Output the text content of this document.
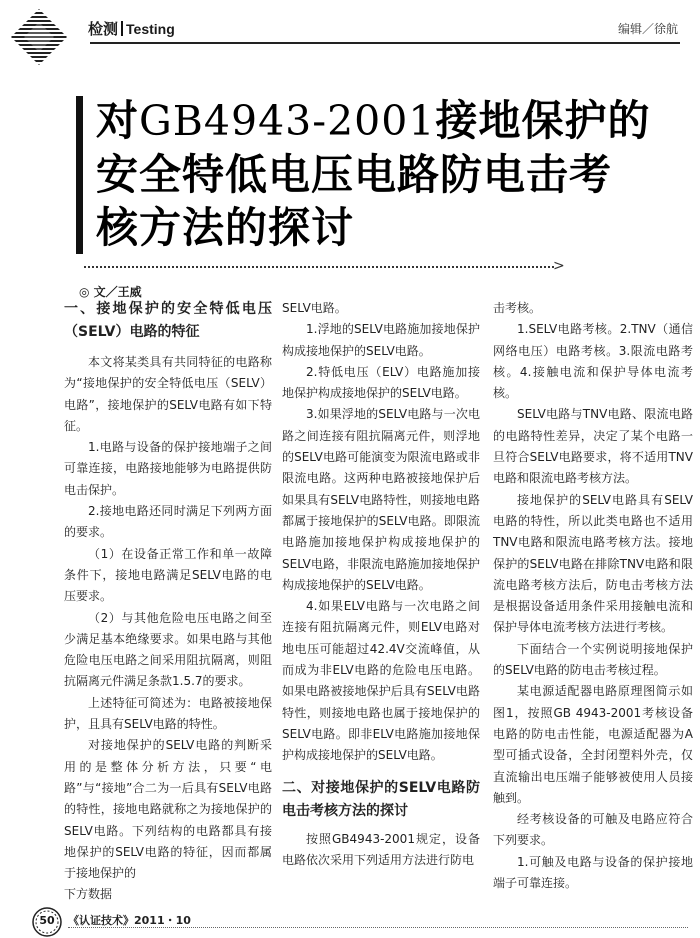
检测 Testing	编辑／徐航
对GB4943-2001接地保护的
安全特低电压电路防电击考
核方法的探讨
>
◎ 文／王威

一、接地保护的安全特低电压（SELV）电路的特征

本文将某类具有共同特征的电路称为“接地保护的安全特低电压（SELV）电路”，接地保护的SELV电路有如下特征。

1.电路与设备的保护接地端子之间可靠连接，电路接地能够为电路提供防电击保护。

2.接地电路还同时满足下列两方面的要求。

（1）在设备正常工作和单一故障条件下，接地电路满足SELV电路的电压要求。

（2）与其他危险电压电路之间至少满足基本绝缘要求。如果电路与其他危险电压电路之间采用阻抗隔离，则阻抗隔离元件满足条款1.5.7的要求。

上述特征可简述为：电路被接地保护，且具有SELV电路的特性。

对接地保护的SELV电路的判断采用的是整体分析方法，只要“电路”与“接地”合二为一后具有SELV电路的特性，接地电路就称之为接地保护的SELV电路。下列结构的电路都具有接地保护的SELV电路的特征，因而都属于接地保护的

下方数据

SELV电路。

1.浮地的SELV电路施加接地保护构成接地保护的SELV电路。

2.特低电压（ELV）电路施加接地保护构成接地保护的SELV电路。

3.如果浮地的SELV电路与一次电路之间连接有阻抗隔离元件，则浮地的SELV电路可能演变为限流电路或非限流电路。这两种电路被接地保护后如果具有SELV电路特性，则接地电路都属于接地保护的SELV电路。即限流电路施加接地保护构成接地保护的SELV电路，非限流电路施加接地保护构成接地保护的SELV电路。

4.如果ELV电路与一次电路之间连接有阻抗隔离元件，则ELV电路对地电压可能超过42.4V交流峰值，从而成为非ELV电路的危险电压电路。如果电路被接地保护后具有SELV电路特性，则接地电路也属于接地保护的SELV电路。即非ELV电路施加接地保护构成接地保护的SELV电路。

二、对接地保护的SELV电路防电击考核方法的探讨

按照GB4943-2001规定，设备电路依次采用下列适用方法进行防电

击考核。

1.SELV电路考核。2.TNV（通信网络电压）电路考核。3.限流电路考核。4.接触电流和保护导体电流考核。

SELV电路与TNV电路、限流电路的电路特性差异，决定了某个电路一旦符合SELV电路要求，将不适用TNV电路和限流电路考核方法。

接地保护的SELV电路具有SELV电路的特性，所以此类电路也不适用TNV电路和限流电路考核方法。接地保护的SELV电路在排除TNV电路和限流电路考核方法后，防电击考核方法是根据设备适用条件采用接触电流和保护导体电流考核方法进行考核。

下面结合一个实例说明接地保护的SELV电路的防电击考核过程。

某电源适配器电路原理图简示如图1，按照GB 4943-2001考核设备电路的防电击性能，电源适配器为A型可插式设备，全封闭塑料外壳，仅直流输出电压端子能够被使用人员接触到。

经考核设备的可触及电路应符合下列要求。

1.可触及电路与设备的保护接地端子可靠连接。

50	《认证技术》2011・10
